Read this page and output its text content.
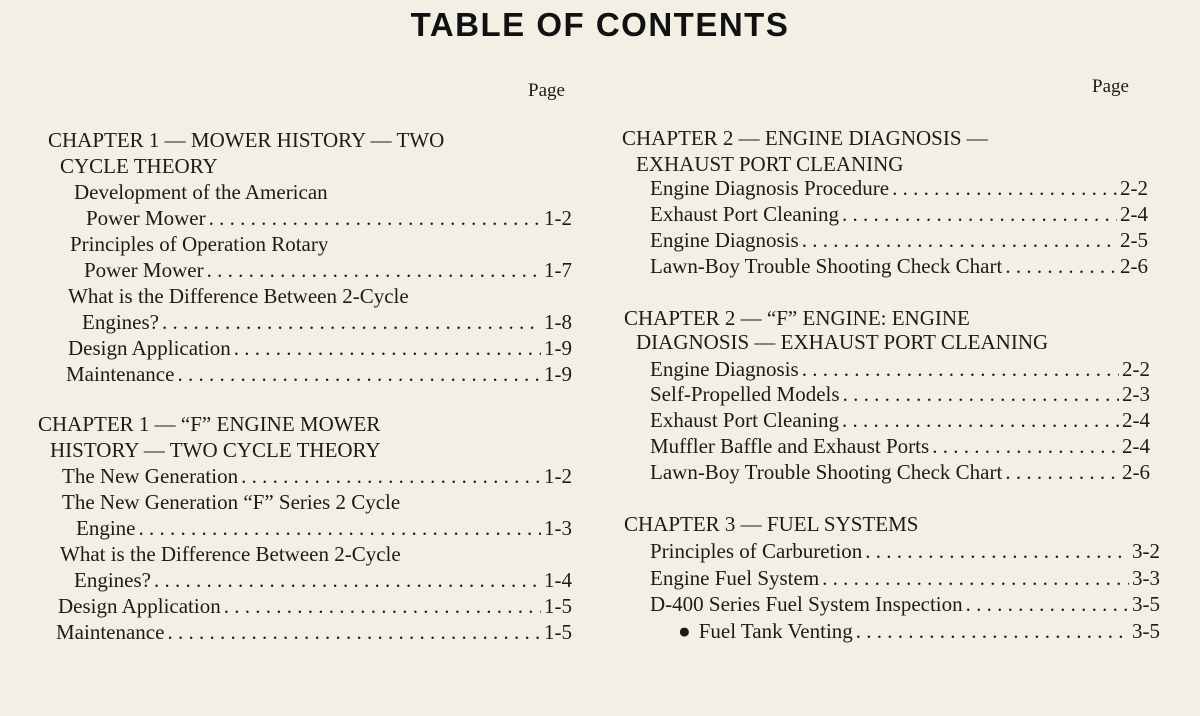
TABLE OF CONTENTS
Page
CHAPTER 1 — MOWER HISTORY — TWO
CYCLE THEORY
Development of the American
Power Mower . . .	1-2
Principles of Operation Rotary
Power Mower . . .	1-7
What is the Difference Between 2-Cycle
Engines? . . .	1-8
Design Application . . .	1-9
Maintenance . . .	1-9
CHAPTER 1 — “F” ENGINE MOWER
HISTORY — TWO CYCLE THEORY
The New Generation . . .	1-2
The New Generation “F” Series 2 Cycle
Engine . . .	1-3
What is the Difference Between 2-Cycle
Engines? . . .	1-4
Design Application . . .	1-5
Maintenance . . .	1-5
Page
CHAPTER 2 — ENGINE DIAGNOSIS —
EXHAUST PORT CLEANING
Engine Diagnosis Procedure . . .	2-2
Exhaust Port Cleaning . . .	2-4
Engine Diagnosis . . .	2-5
Lawn-Boy Trouble Shooting Check Chart . . .	2-6
CHAPTER 2 — “F” ENGINE: ENGINE
DIAGNOSIS — EXHAUST PORT CLEANING
Engine Diagnosis . . .	2-2
Self-Propelled Models . . .	2-3
Exhaust Port Cleaning . . .	2-4
Muffler Baffle and Exhaust Ports . . .	2-4
Lawn-Boy Trouble Shooting Check Chart . . .	2-6
CHAPTER 3 — FUEL SYSTEMS
Principles of Carburetion . . .	3-2
Engine Fuel System . . .	3-3
D-400 Series Fuel System Inspection . . .	3-5
● Fuel Tank Venting . . .	3-5
